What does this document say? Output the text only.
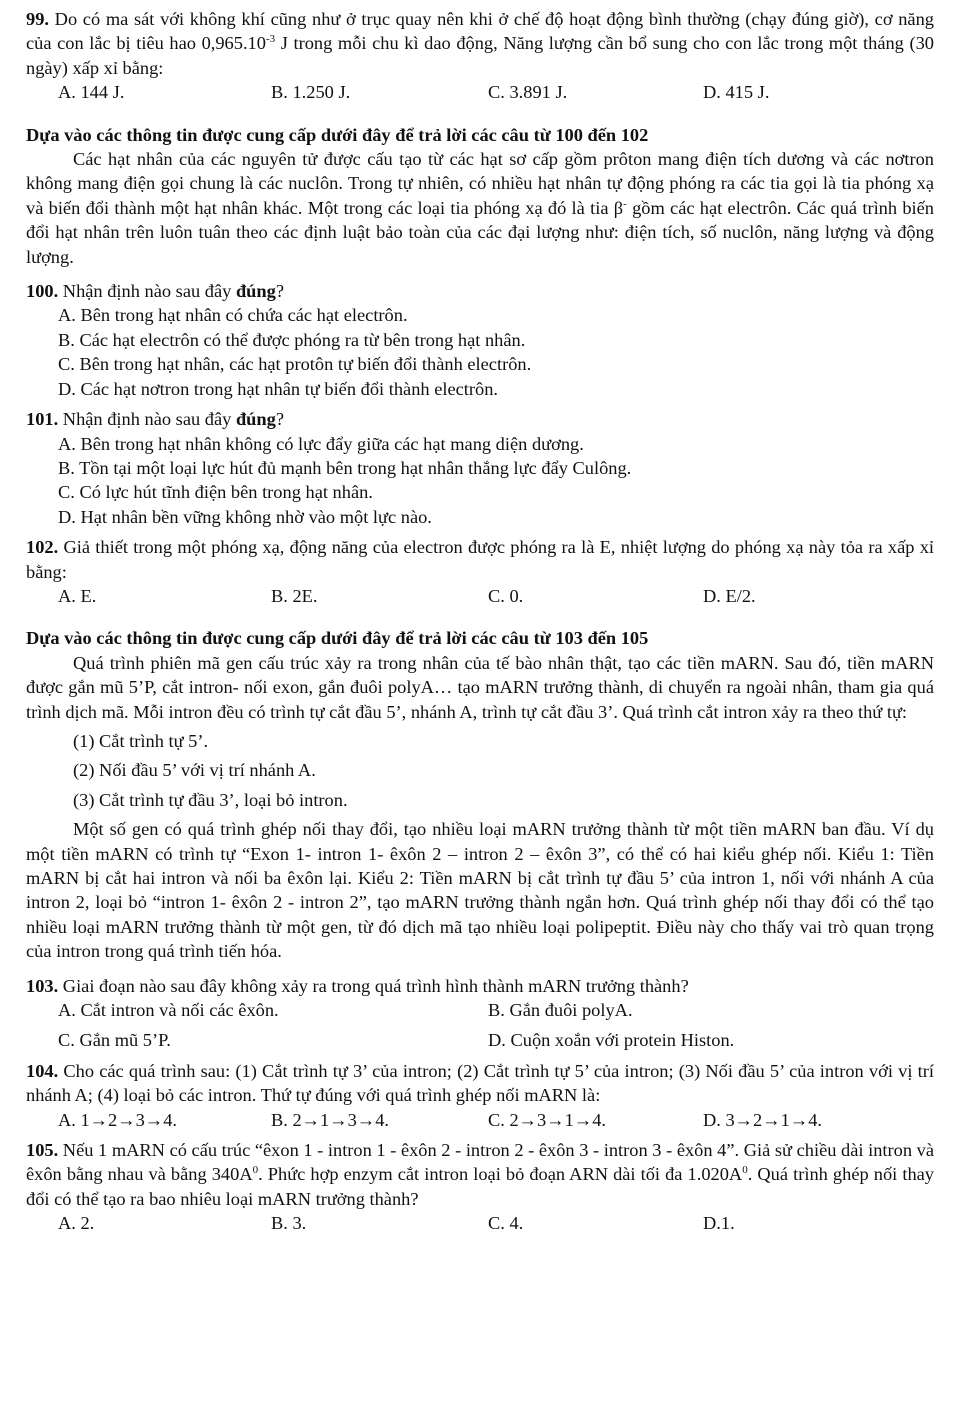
99. Do có ma sát với không khí cũng như ở trục quay nên khi ở chế độ hoạt động bình thường (chạy đúng giờ), cơ năng của con lắc bị tiêu hao $0,965.10^{-3}$ J trong mỗi chu kì dao động, Năng lượng cần bổ sung cho con lắc trong một tháng (30 ngày) xấp xỉ bằng:

A. 144 J.	B. 1.250 J.	C. 3.891 J.	D. 415 J.

Dựa vào các thông tin được cung cấp dưới đây để trả lời các câu từ 100 đến 102

Các hạt nhân của các nguyên tử được cấu tạo từ các hạt sơ cấp gồm prôton mang điện tích dương và các nơtron không mang điện gọi chung là các nuclôn. Trong tự nhiên, có nhiều hạt nhân tự động phóng ra các tia gọi là tia phóng xạ và biến đổi thành một hạt nhân khác. Một trong các loại tia phóng xạ đó là tia β- gồm các hạt electrôn. Các quá trình biến đổi hạt nhân trên luôn tuân theo các định luật bảo toàn của các đại lượng như: điện tích, số nuclôn, năng lượng và động lượng.

100. Nhận định nào sau đây đúng?

A. Bên trong hạt nhân có chứa các hạt electrôn.

B. Các hạt electrôn có thể được phóng ra từ bên trong hạt nhân.

C. Bên trong hạt nhân, các hạt protôn tự biến đổi thành electrôn.

D. Các hạt nơtron trong hạt nhân tự biến đổi thành electrôn.

101. Nhận định nào sau đây đúng?

A. Bên trong hạt nhân không có lực đẩy giữa các hạt mang diện dương.

B. Tồn tại một loại lực hút đủ mạnh bên trong hạt nhân thắng lực đẩy Culông.

C. Có lực hút tĩnh điện bên trong hạt nhân.

D. Hạt nhân bền vững không nhờ vào một lực nào.

102. Giả thiết trong một phóng xạ, động năng của electron được phóng ra là E, nhiệt lượng do phóng xạ này tỏa ra xấp xỉ bằng:

A. E.	B. 2E.	C. 0.	D. E/2.

Dựa vào các thông tin được cung cấp dưới đây để trả lời các câu từ 103 đến 105

Quá trình phiên mã gen cấu trúc xảy ra trong nhân của tế bào nhân thật, tạo các tiền mARN. Sau đó, tiền mARN được gắn mũ 5’P, cắt intron- nối exon, gắn đuôi polyA… tạo mARN trưởng thành, di chuyển ra ngoài nhân, tham gia quá trình dịch mã. Mỗi intron đều có trình tự cắt đầu 5’, nhánh A, trình tự cắt đầu 3’. Quá trình cắt intron xảy ra theo thứ tự:

(1) Cắt trình tự 5’.

(2) Nối đầu 5’ với vị trí nhánh A.

(3) Cắt trình tự đầu 3’, loại bỏ intron.

Một số gen có quá trình ghép nối thay đổi, tạo nhiều loại mARN trưởng thành từ một tiền mARN ban đầu. Ví dụ một tiền mARN có trình tự “Exon 1- intron 1- êxôn 2 – intron 2 – êxôn 3”, có thể có hai kiểu ghép nối. Kiểu 1: Tiền mARN bị cắt hai intron và nối ba êxôn lại. Kiểu 2: Tiền mARN bị cắt trình tự đầu 5’ của intron 1, nối với nhánh A của intron 2, loại bỏ “intron 1- êxôn 2 - intron 2”, tạo mARN trưởng thành ngắn hơn. Quá trình ghép nối thay đổi có thể tạo nhiều loại mARN trưởng thành từ một gen, từ đó dịch mã tạo nhiều loại polipeptit. Điều này cho thấy vai trò quan trọng của intron trong quá trình tiến hóa.

103. Giai đoạn nào sau đây không xảy ra trong quá trình hình thành mARN trưởng thành?

A. Cắt intron và nối các êxôn.	B. Gắn đuôi polyA.
C. Gắn mũ 5’P.	D. Cuộn xoắn với protein Histon.

104. Cho các quá trình sau: (1) Cắt trình tự 3’ của intron; (2) Cắt trình tự 5’ của intron; (3) Nối đầu 5’ của intron với vị trí nhánh A; (4) loại bỏ các intron. Thứ tự đúng với quá trình ghép nối mARN là:

A. 1→2→3→4.	B. 2→1→3→4.	C. 2→3→1→4.	D. 3→2→1→4.

105. Nếu 1 mARN có cấu trúc “êxon 1 - intron 1 - êxôn 2 - intron 2 - êxôn 3 - intron 3 - êxôn 4”. Giả sử chiều dài intron và êxôn bằng nhau và bằng $340A^0$. Phức hợp enzym cắt intron loại bỏ đoạn ARN dài tối đa $1.020A^0$. Quá trình ghép nối thay đổi có thể tạo ra bao nhiêu loại mARN trưởng thành?

A. 2.	B. 3.	C. 4.	D.1.
